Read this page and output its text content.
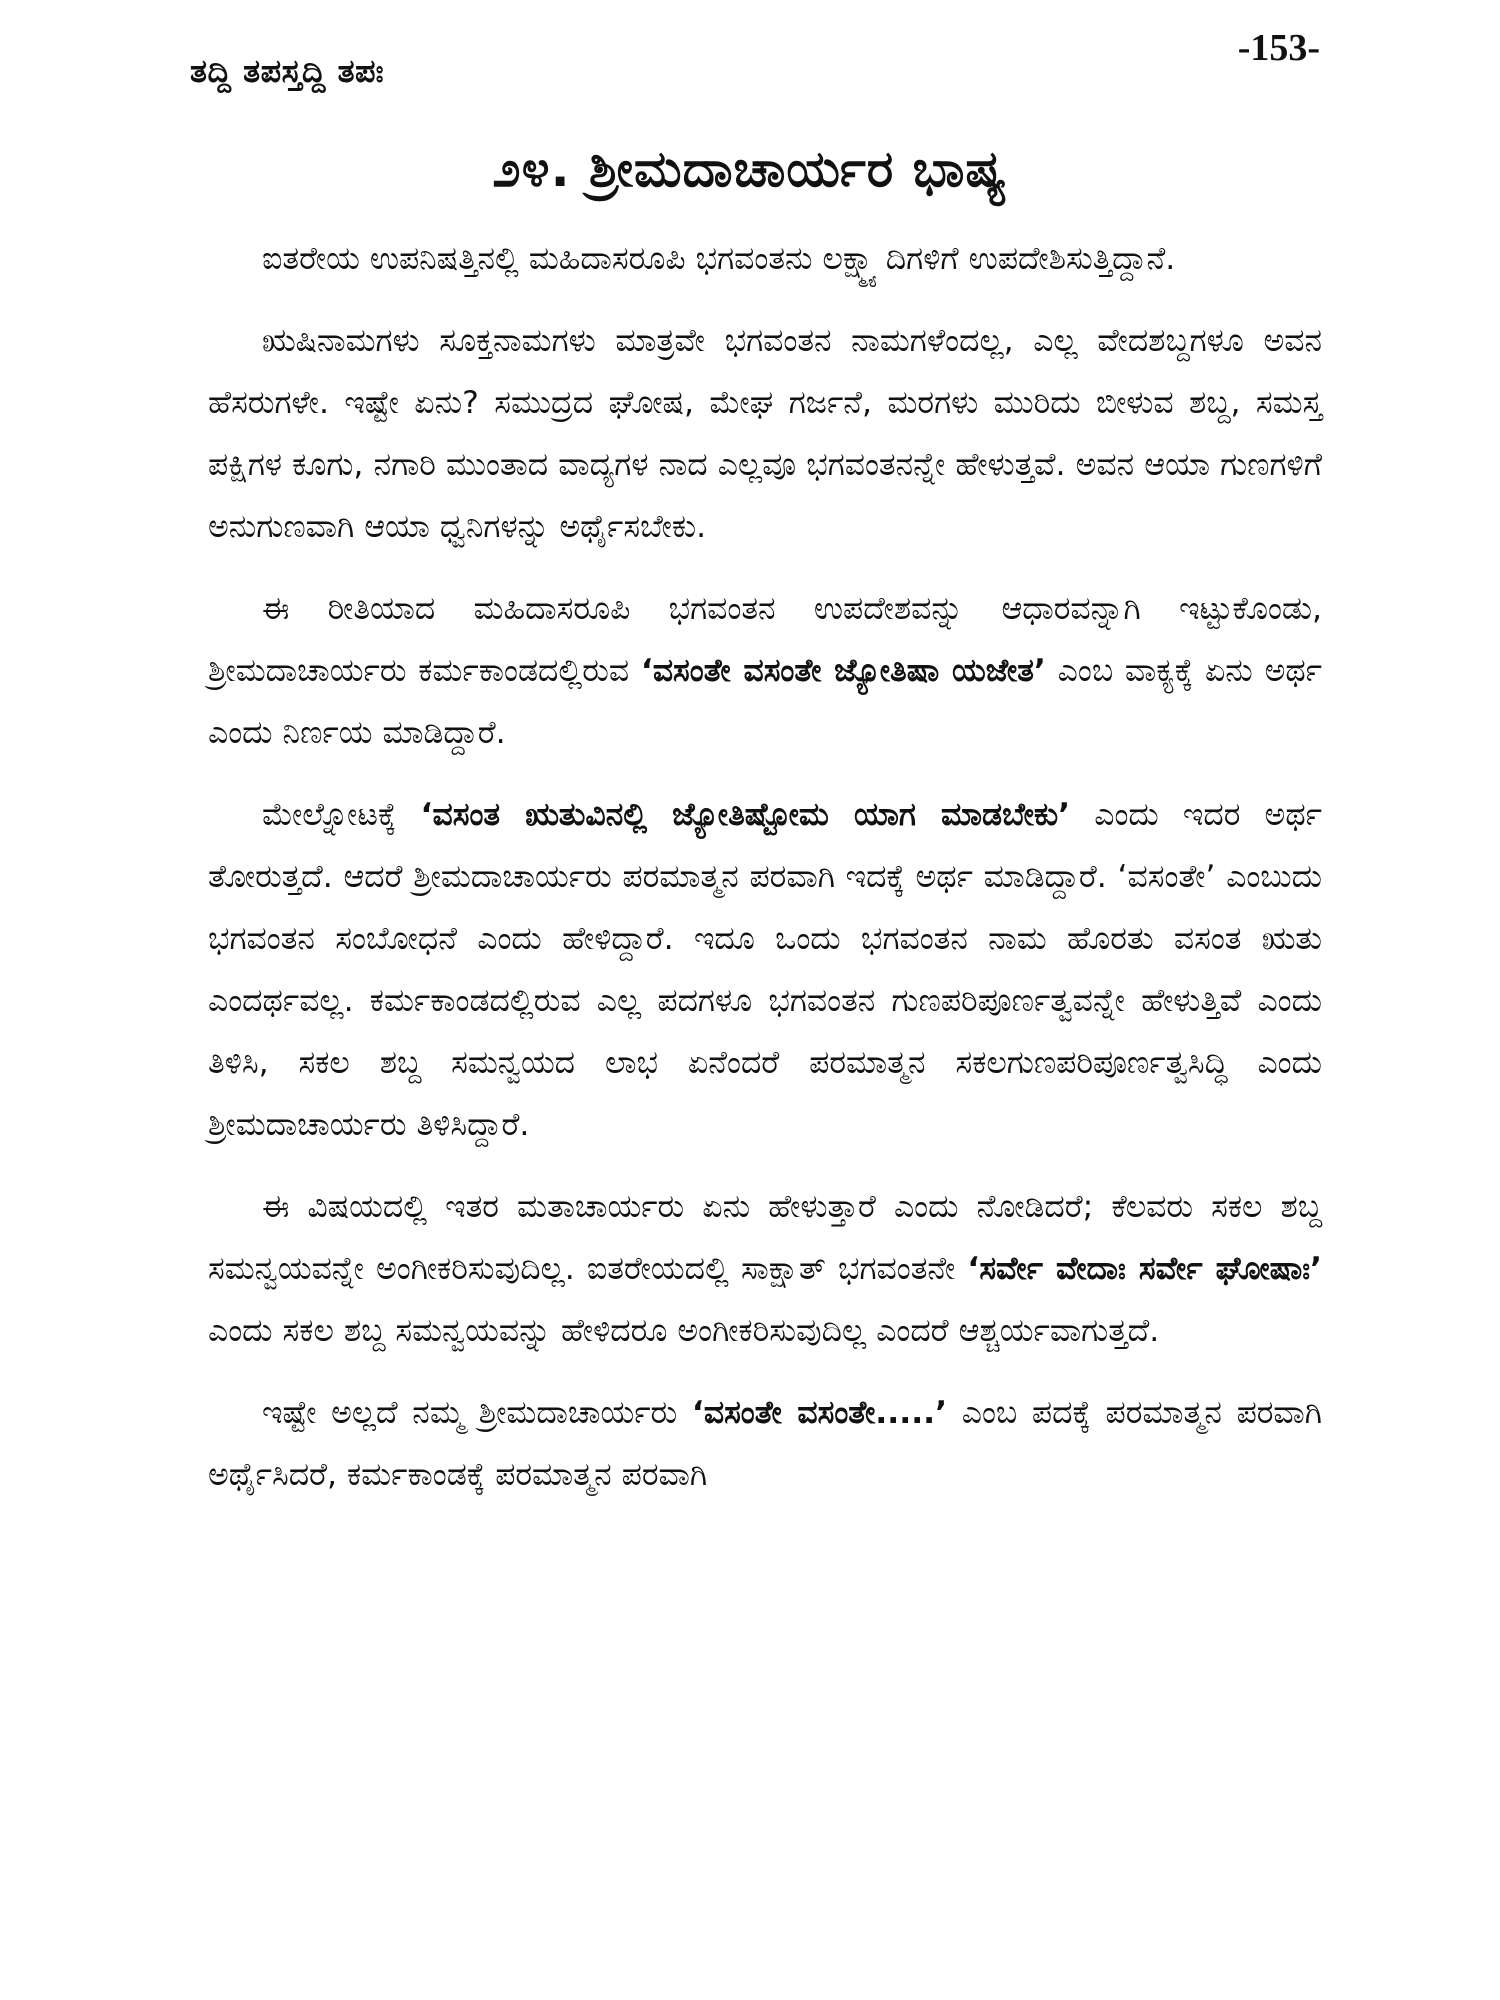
ತದ್ದಿ ತಪಸ್ತದ್ದಿ ತಪಃ
-153-
೨೪. ಶ್ರೀಮದಾಚಾರ್ಯರ ಭಾಷ್ಯ

ಐತರೇಯ ಉಪನಿಷತ್ತಿನಲ್ಲಿ ಮಹಿದಾಸರೂಪಿ ಭಗವಂತನು ಲಕ್ಷ್ಮ್ಯಾದಿಗಳಿಗೆ ಉಪದೇಶಿಸುತ್ತಿದ್ದಾನೆ.

ಋಷಿನಾಮಗಳು ಸೂಕ್ತನಾಮಗಳು ಮಾತ್ರವೇ ಭಗವಂತನ ನಾಮಗಳೆಂದಲ್ಲ, ಎಲ್ಲ ವೇದಶಬ್ದಗಳೂ ಅವನ ಹೆಸರುಗಳೇ. ಇಷ್ಟೇ ಏನು? ಸಮುದ್ರದ ಘೋಷ, ಮೇಘ ಗರ್ಜನೆ, ಮರಗಳು ಮುರಿದು ಬೀಳುವ ಶಬ್ದ, ಸಮಸ್ತ ಪಕ್ಷಿಗಳ ಕೂಗು, ನಗಾರಿ ಮುಂತಾದ ವಾದ್ಯಗಳ ನಾದ ಎಲ್ಲವೂ ಭಗವಂತನನ್ನೇ ಹೇಳುತ್ತವೆ. ಅವನ ಆಯಾ ಗುಣಗಳಿಗೆ ಅನುಗುಣವಾಗಿ ಆಯಾ ಧ್ವನಿಗಳನ್ನು ಅರ್ಥೈಸಬೇಕು.

ಈ ರೀತಿಯಾದ ಮಹಿದಾಸರೂಪಿ ಭಗವಂತನ ಉಪದೇಶವನ್ನು ಆಧಾರವನ್ನಾಗಿ ಇಟ್ಟುಕೊಂಡು, ಶ್ರೀಮದಾಚಾರ್ಯರು ಕರ್ಮಕಾಂಡದಲ್ಲಿರುವ ‘ವಸಂತೇ ವಸಂತೇ ಜ್ಯೋತಿಷಾ ಯಜೇತ’ ಎಂಬ ವಾಕ್ಯಕ್ಕೆ ಏನು ಅರ್ಥ ಎಂದು ನಿರ್ಣಯ ಮಾಡಿದ್ದಾರೆ.

ಮೇಲ್ನೋಟಕ್ಕೆ ‘ವಸಂತ ಋತುವಿನಲ್ಲಿ ಜ್ಯೋತಿಷ್ಟೋಮ ಯಾಗ ಮಾಡಬೇಕು’ ಎಂದು ಇದರ ಅರ್ಥ ತೋರುತ್ತದೆ. ಆದರೆ ಶ್ರೀಮದಾಚಾರ್ಯರು ಪರಮಾತ್ಮನ ಪರವಾಗಿ ಇದಕ್ಕೆ ಅರ್ಥ ಮಾಡಿದ್ದಾರೆ. ‘ವಸಂತೇ’ ಎಂಬುದು ಭಗವಂತನ ಸಂಬೋಧನೆ ಎಂದು ಹೇಳಿದ್ದಾರೆ. ಇದೂ ಒಂದು ಭಗವಂತನ ನಾಮ ಹೊರತು ವಸಂತ ಋತು ಎಂದರ್ಥವಲ್ಲ. ಕರ್ಮಕಾಂಡದಲ್ಲಿರುವ ಎಲ್ಲ ಪದಗಳೂ ಭಗವಂತನ ಗುಣಪರಿಪೂರ್ಣತ್ವವನ್ನೇ ಹೇಳುತ್ತಿವೆ ಎಂದು ತಿಳಿಸಿ, ಸಕಲ ಶಬ್ದ ಸಮನ್ವಯದ ಲಾಭ ಏನೆಂದರೆ ಪರಮಾತ್ಮನ ಸಕಲಗುಣಪರಿಪೂರ್ಣತ್ವಸಿದ್ಧಿ ಎಂದು ಶ್ರೀಮದಾಚಾರ್ಯರು ತಿಳಿಸಿದ್ದಾರೆ.

ಈ ವಿಷಯದಲ್ಲಿ ಇತರ ಮತಾಚಾರ್ಯರು ಏನು ಹೇಳುತ್ತಾರೆ ಎಂದು ನೋಡಿದರೆ; ಕೆಲವರು ಸಕಲ ಶಬ್ದ ಸಮನ್ವಯವನ್ನೇ ಅಂಗೀಕರಿಸುವುದಿಲ್ಲ. ಐತರೇಯದಲ್ಲಿ ಸಾಕ್ಷಾತ್ ಭಗವಂತನೇ ‘ಸರ್ವೇ ವೇದಾಃ ಸರ್ವೇ ಘೋಷಾಃ’ ಎಂದು ಸಕಲ ಶಬ್ದ ಸಮನ್ವಯವನ್ನು ಹೇಳಿದರೂ ಅಂಗೀಕರಿಸುವುದಿಲ್ಲ ಎಂದರೆ ಆಶ್ಚರ್ಯವಾಗುತ್ತದೆ.

ಇಷ್ಟೇ ಅಲ್ಲದೆ ನಮ್ಮ ಶ್ರೀಮದಾಚಾರ್ಯರು ‘ವಸಂತೇ ವಸಂತೇ.....’ ಎಂಬ ಪದಕ್ಕೆ ಪರಮಾತ್ಮನ ಪರವಾಗಿ ಅರ್ಥೈಸಿದರೆ, ಕರ್ಮಕಾಂಡಕ್ಕೆ ಪರಮಾತ್ಮನ ಪರವಾಗಿ
